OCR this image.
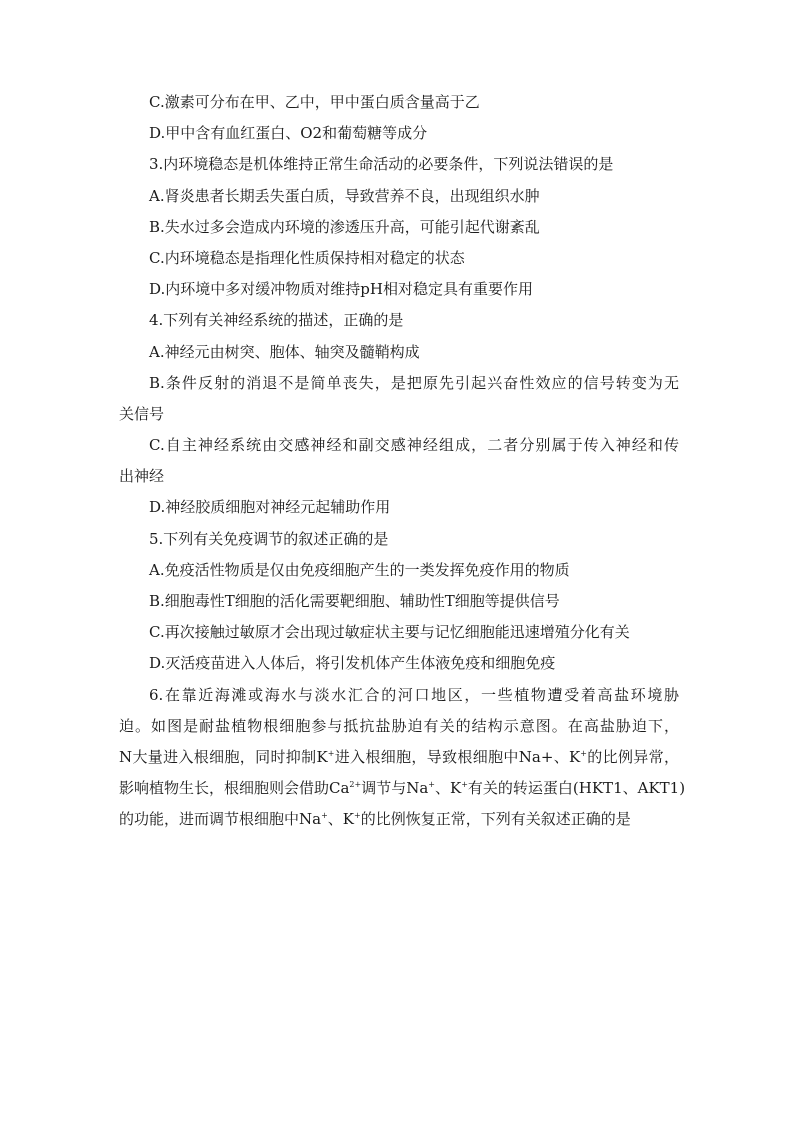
C.激素可分布在甲、乙中，甲中蛋白质含量高于乙
D.甲中含有血红蛋白、O2和葡萄糖等成分
3.内环境稳态是机体维持正常生命活动的必要条件，下列说法错误的是
A.肾炎患者长期丢失蛋白质，导致营养不良，出现组织水肿
B.失水过多会造成内环境的渗透压升高，可能引起代谢紊乱
C.内环境稳态是指理化性质保持相对稳定的状态
D.内环境中多对缓冲物质对维持pH相对稳定具有重要作用
4.下列有关神经系统的描述，正确的是
A.神经元由树突、胞体、轴突及髓鞘构成
B.条件反射的消退不是简单丧失，是把原先引起兴奋性效应的信号转变为无
关信号
C.自主神经系统由交感神经和副交感神经组成，二者分别属于传入神经和传
出神经
D.神经胶质细胞对神经元起辅助作用
5.下列有关免疫调节的叙述正确的是
A.免疫活性物质是仅由免疫细胞产生的一类发挥免疫作用的物质
B.细胞毒性T细胞的活化需要靶细胞、辅助性T细胞等提供信号
C.再次接触过敏原才会出现过敏症状主要与记忆细胞能迅速增殖分化有关
D.灭活疫苗进入人体后，将引发机体产生体液免疫和细胞免疫
6.在靠近海滩或海水与淡水汇合的河口地区，一些植物遭受着高盐环境胁
迫。如图是耐盐植物根细胞参与抵抗盐胁迫有关的结构示意图。在高盐胁迫下，
N大量进入根细胞，同时抑制K+进入根细胞，导致根细胞中Na+、K+的比例异常，
影响植物生长，根细胞则会借助$Ca^{2+}$调节与Na+、K+有关的转运蛋白(HKT1、AKT1)
的功能，进而调节根细胞中Na+、K+的比例恢复正常，下列有关叙述正确的是
